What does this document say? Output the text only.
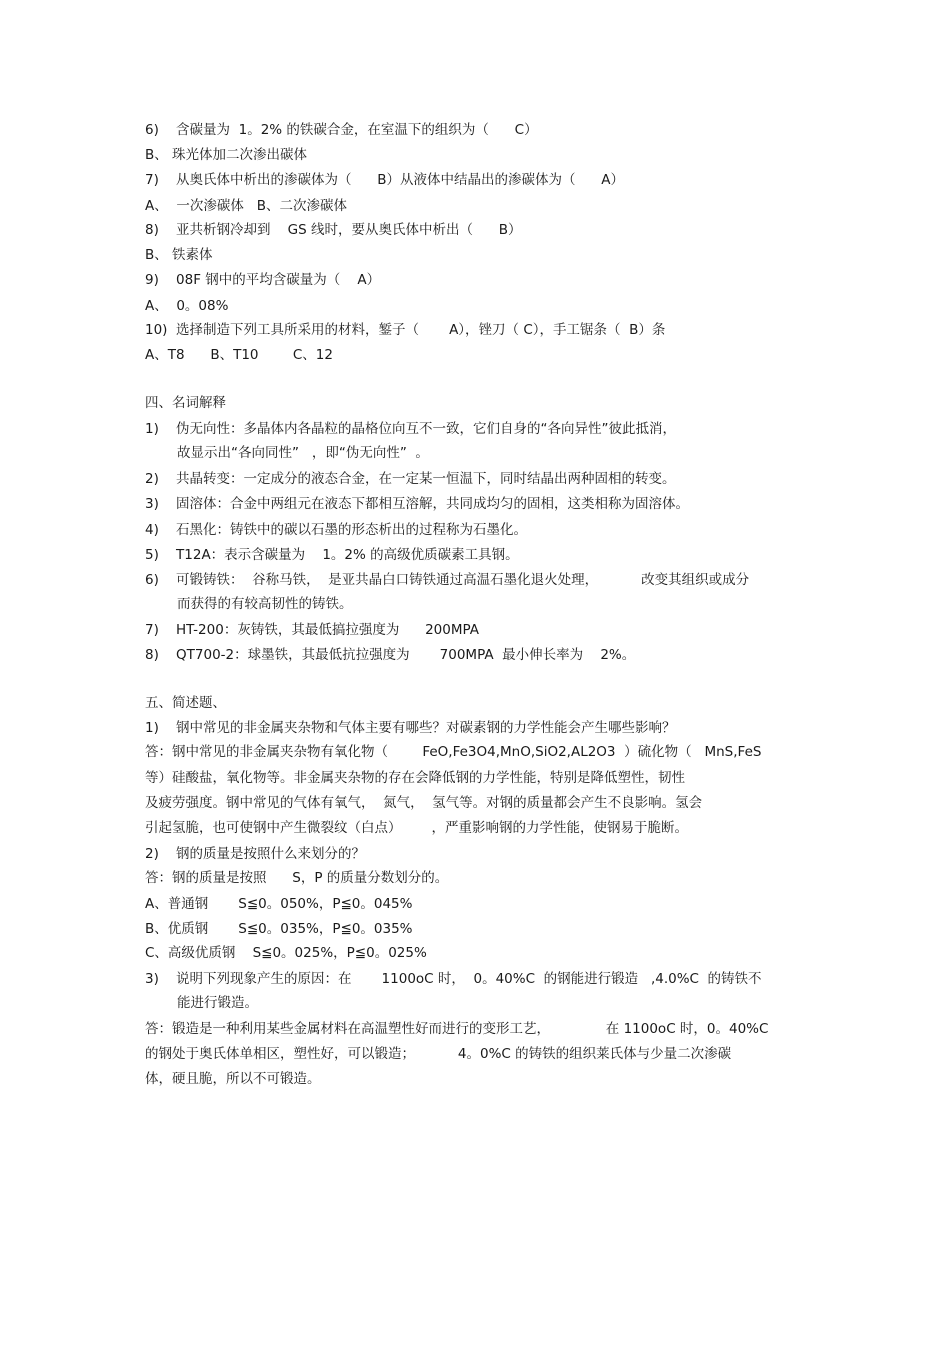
6)    含碳量为  1。2% 的铁碳合金，在室温下的组织为（      C）
B、 珠光体加二次渗出碳体
7)    从奥氏体中析出的渗碳体为（      B）从液体中结晶出的渗碳体为（      A）
A、  一次渗碳体   B、二次渗碳体
8)    亚共析钢冷却到    GS 线时，要从奥氏体中析出（      B）
B、 铁素体
9)    08F 钢中的平均含碳量为（    A）
A、  0。08%
10)  选择制造下列工具所采用的材料，錾子（       A），锉刀（ C），手工锯条（  B）条
A、T8      B、T10        C、12
四、名词解释
1)    伪无向性：多晶体内各晶粒的晶格位向互不一致，它们自身的“各向异性”彼此抵消，
故显示出“各向同性”   ，即“伪无向性”  。
2)    共晶转变：一定成分的液态合金，在一定某一恒温下，同时结晶出两种固相的转变。
3)    固溶体：合金中两组元在液态下都相互溶解，共同成均匀的固相，这类相称为固溶体。
4)    石黑化：铸铁中的碳以石墨的形态析出的过程称为石墨化。
5)    T12A：表示含碳量为    1。2% 的高级优质碳素工具钢。
6)    可锻铸铁：  谷称马铁，  是亚共晶白口铸铁通过高温石墨化退火处理，          改变其组织或成分
而获得的有较高韧性的铸铁。
7)    HT-200：灰铸铁，其最低搞拉强度为      200MPA
8)    QT700-2：球墨铁，其最低抗拉强度为       700MPA  最小伸长率为    2%。
五、简述题、
1)    钢中常见的非金属夹杂物和气体主要有哪些？对碳素钢的力学性能会产生哪些影响？
答：钢中常见的非金属夹杂物有氧化物（        FeO,Fe3O4,MnO,SiO2,AL2O3  ）硫化物（   MnS,FeS
等）硅酸盐，氧化物等。非金属夹杂物的存在会降低钢的力学性能，特别是降低塑性，韧性
及疲劳强度。钢中常见的气体有氧气，  氮气，  氢气等。对钢的质量都会产生不良影响。氢会
引起氢脆，也可使钢中产生微裂纹（白点）       ，严重影响钢的力学性能，使钢易于脆断。
2)    钢的质量是按照什么来划分的？
答：钢的质量是按照      S，P 的质量分数划分的。
A、普通钢       S≦0。050%，P≦0。045%
B、优质钢       S≦0。035%，P≦0。035%
C、高级优质钢    S≦0。025%，P≦0。025%
3)    说明下列现象产生的原因：在       1100oC 时，  0。40%C  的钢能进行锻造   ,4.0%C  的铸铁不
能进行锻造。
答：锻造是一种利用某些金属材料在高温塑性好而进行的变形工艺，             在 1100oC 时，0。40%C
的钢处于奥氏体单相区，塑性好，可以锻造；          4。0%C 的铸铁的组织莱氏体与少量二次渗碳
体，硬且脆，所以不可锻造。
